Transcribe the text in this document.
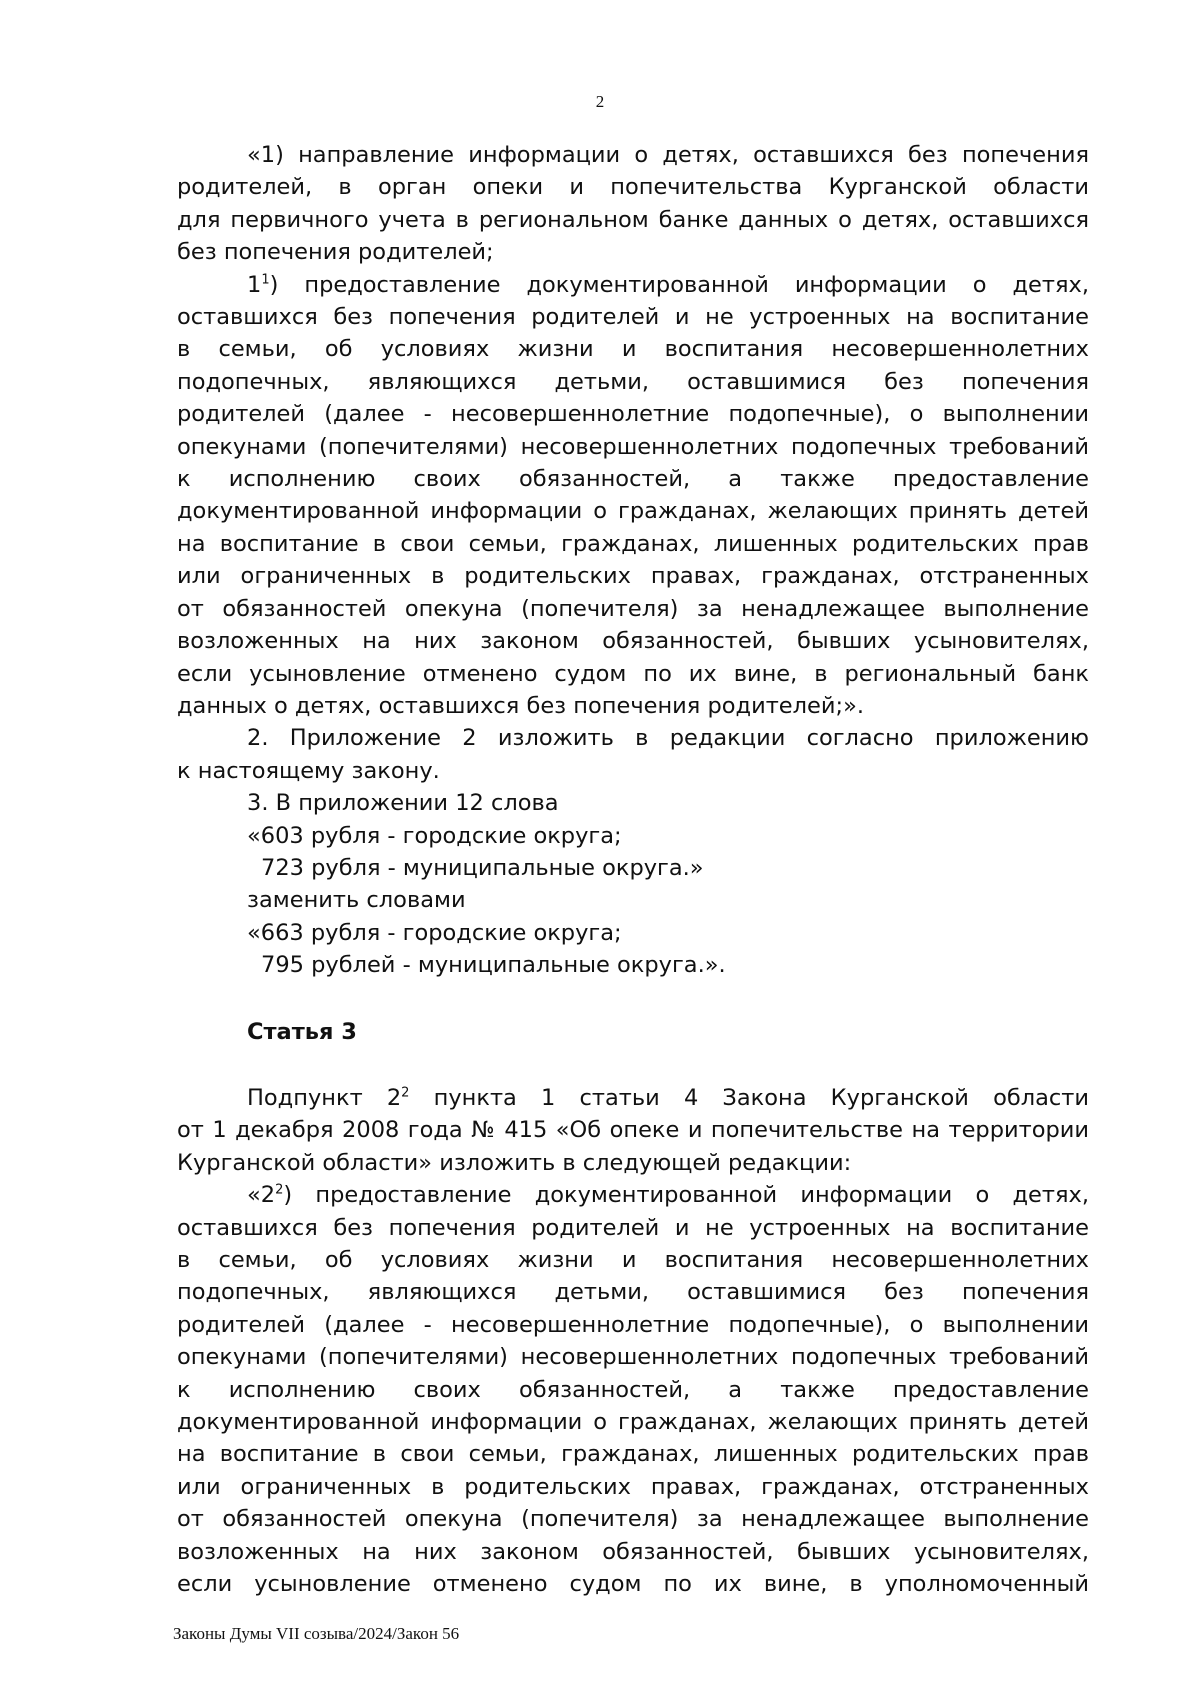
2

«1) направление информации о детях, оставшихся без попечения

родителей, в орган опеки и попечительства Курганской области

для первичного учета в региональном банке данных о детях, оставшихся

без попечения родителей;

$1^1$) предоставление документированной информации о детях,

оставшихся без попечения родителей и не устроенных на воспитание

в семьи, об условиях жизни и воспитания несовершеннолетних

подопечных, являющихся детьми, оставшимися без попечения

родителей (далее - несовершеннолетние подопечные), о выполнении

опекунами (попечителями) несовершеннолетних подопечных требований

к исполнению своих обязанностей, а также предоставление

документированной информации о гражданах, желающих принять детей

на воспитание в свои семьи, гражданах, лишенных родительских прав

или ограниченных в родительских правах, гражданах, отстраненных

от обязанностей опекуна (попечителя) за ненадлежащее выполнение

возложенных на них законом обязанностей, бывших усыновителях,

если усыновление отменено судом по их вине, в региональный банк

данных о детях, оставшихся без попечения родителей;».

2. Приложение 2 изложить в редакции согласно приложению

к настоящему закону.

3. В приложении 12 слова

«603 рубля - городские округа;

723 рубля - муниципальные округа.»

заменить словами

«663 рубля - городские округа;

795 рублей - муниципальные округа.».

Статья 3

Подпункт $2^2$ пункта 1 статьи 4 Закона Курганской области

от 1 декабря 2008 года № 415 «Об опеке и попечительстве на территории

Курганской области» изложить в следующей редакции:

«$2^2$) предоставление документированной информации о детях,

оставшихся без попечения родителей и не устроенных на воспитание

в семьи, об условиях жизни и воспитания несовершеннолетних

подопечных, являющихся детьми, оставшимися без попечения

родителей (далее - несовершеннолетние подопечные), о выполнении

опекунами (попечителями) несовершеннолетних подопечных требований

к исполнению своих обязанностей, а также предоставление

документированной информации о гражданах, желающих принять детей

на воспитание в свои семьи, гражданах, лишенных родительских прав

или ограниченных в родительских правах, гражданах, отстраненных

от обязанностей опекуна (попечителя) за ненадлежащее выполнение

возложенных на них законом обязанностей, бывших усыновителях,

если усыновление отменено судом по их вине, в уполномоченный

Законы Думы VII созыва/2024/Закон 56
